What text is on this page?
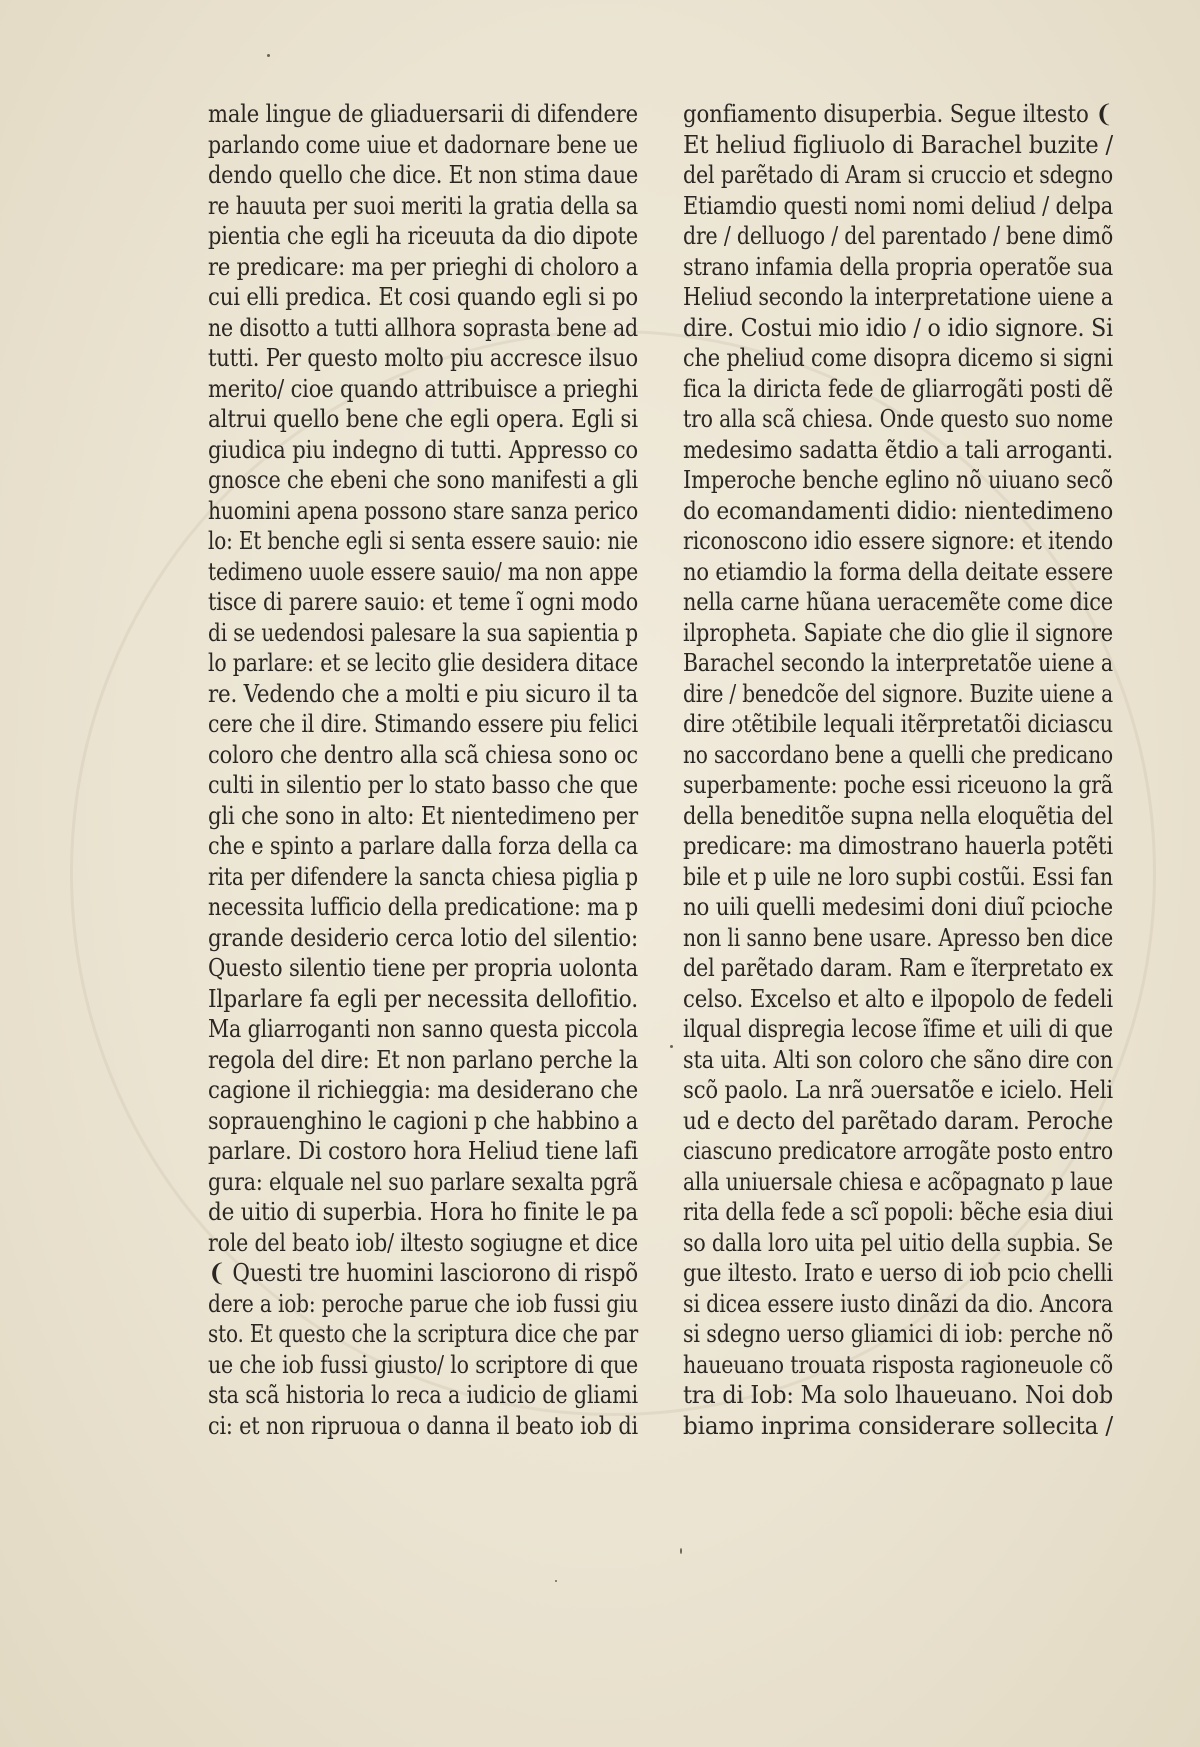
male lingue de gliaduersarii di difendere
parlando come uiue et dadornare bene ue
dendo quello che dice. Et non stima daue
re hauuta per suoi meriti la gratia della sa
pientia che egli ha riceuuta da dio dipote
re predicare: ma per prieghi di choloro a
cui elli predica. Et cosi quando egli si po
ne disotto a tutti allhora soprasta bene ad
tutti. Per questo molto piu accresce ilsuo
merito/ cioe quando attribuisce a prieghi
altrui quello bene che egli opera. Egli si
giudica piu indegno di tutti. Appresso co
gnosce che ebeni che sono manifesti a gli
huomini apena possono stare sanza perico
lo: Et benche egli si senta essere sauio: nie
tedimeno uuole essere sauio/ ma non appe
tisce di parere sauio: et teme ĩ ogni modo
di se uedendosi palesare la sua sapientia p
lo parlare: et se lecito glie desidera ditace
re. Vedendo che a molti e piu sicuro il ta
cere che il dire. Stimando essere piu felici
coloro che dentro alla scã chiesa sono oc
culti in silentio per lo stato basso che que
gli che sono in alto: Et nientedimeno per
che e spinto a parlare dalla forza della ca
rita per difendere la sancta chiesa piglia p
necessita lufficio della predicatione: ma p
grande desiderio cerca lotio del silentio:
Questo silentio tiene per propria uolonta
Ilparlare fa egli per necessita dellofitio.
Ma gliarroganti non sanno questa piccola
regola del dire: Et non parlano perche la
cagione il richieggia: ma desiderano che
soprauenghino le cagioni p che habbino a
parlare. Di costoro hora Heliud tiene lafi
gura: elquale nel suo parlare sexalta pgrã
de uitio di superbia. Hora ho finite le pa
role del beato iob/ iltesto sogiugne et dice
❨ Questi tre huomini lasciorono di rispõ
dere a iob: peroche parue che iob fussi giu
sto. Et questo che la scriptura dice che par
ue che iob fussi giusto/ lo scriptore di que
sta scã historia lo reca a iudicio de gliami
ci: et non ripruoua o danna il beato iob di
gonfiamento disuperbia. Segue iltesto ❨
Et heliud figliuolo di Barachel buzite /
del parẽtado di Aram si cruccio et sdegno
Etiamdio questi nomi nomi deliud / delpa
dre / delluogo / del parentado / bene dimõ
strano infamia della propria operatõe sua
Heliud secondo la interpretatione uiene a
dire. Costui mio idio / o idio signore. Si
che pheliud come disopra dicemo si signi
fica la diricta fede de gliarrogãti posti dẽ
tro alla scã chiesa. Onde questo suo nome
medesimo sadatta ẽtdio a tali arroganti.
Imperoche benche eglino nõ uiuano secõ
do ecomandamenti didio: nientedimeno
riconoscono idio essere signore: et itendo
no etiamdio la forma della deitate essere
nella carne hũana ueracemẽte come dice
ilpropheta. Sapiate che dio glie il signore
Barachel secondo la interpretatõe uiene a
dire / benedcõe del signore. Buzite uiene a
dire ɔtẽtibile lequali itẽrpretatõi diciascu
no saccordano bene a quelli che predicano
superbamente: poche essi riceuono la grã
della beneditõe supna nella eloquẽtia del
predicare: ma dimostrano hauerla pɔtẽti
bile et p uile ne loro supbi costũi. Essi fan
no uili quelli medesimi doni diuĩ pcioche
non li sanno bene usare. Apresso ben dice
del parẽtado daram. Ram e ĩterpretato ex
celso. Excelso et alto e ilpopolo de fedeli
ilqual dispregia lecose ĩfime et uili di que
sta uita. Alti son coloro che sãno dire con
scõ paolo. La nrã ɔuersatõe e icielo. Heli
ud e decto del parẽtado daram. Peroche
ciascuno predicatore arrogãte posto entro
alla uniuersale chiesa e acõpagnato p laue
rita della fede a scĩ popoli: bẽche esia diui
so dalla loro uita pel uitio della supbia. Se
gue iltesto. Irato e uerso di iob pcio chelli
si dicea essere iusto dinãzi da dio. Ancora
si sdegno uerso gliamici di iob: perche nõ
haueuano trouata risposta ragioneuole cõ
tra di Iob: Ma solo lhaueuano. Noi dob
biamo inprima considerare sollecita /
